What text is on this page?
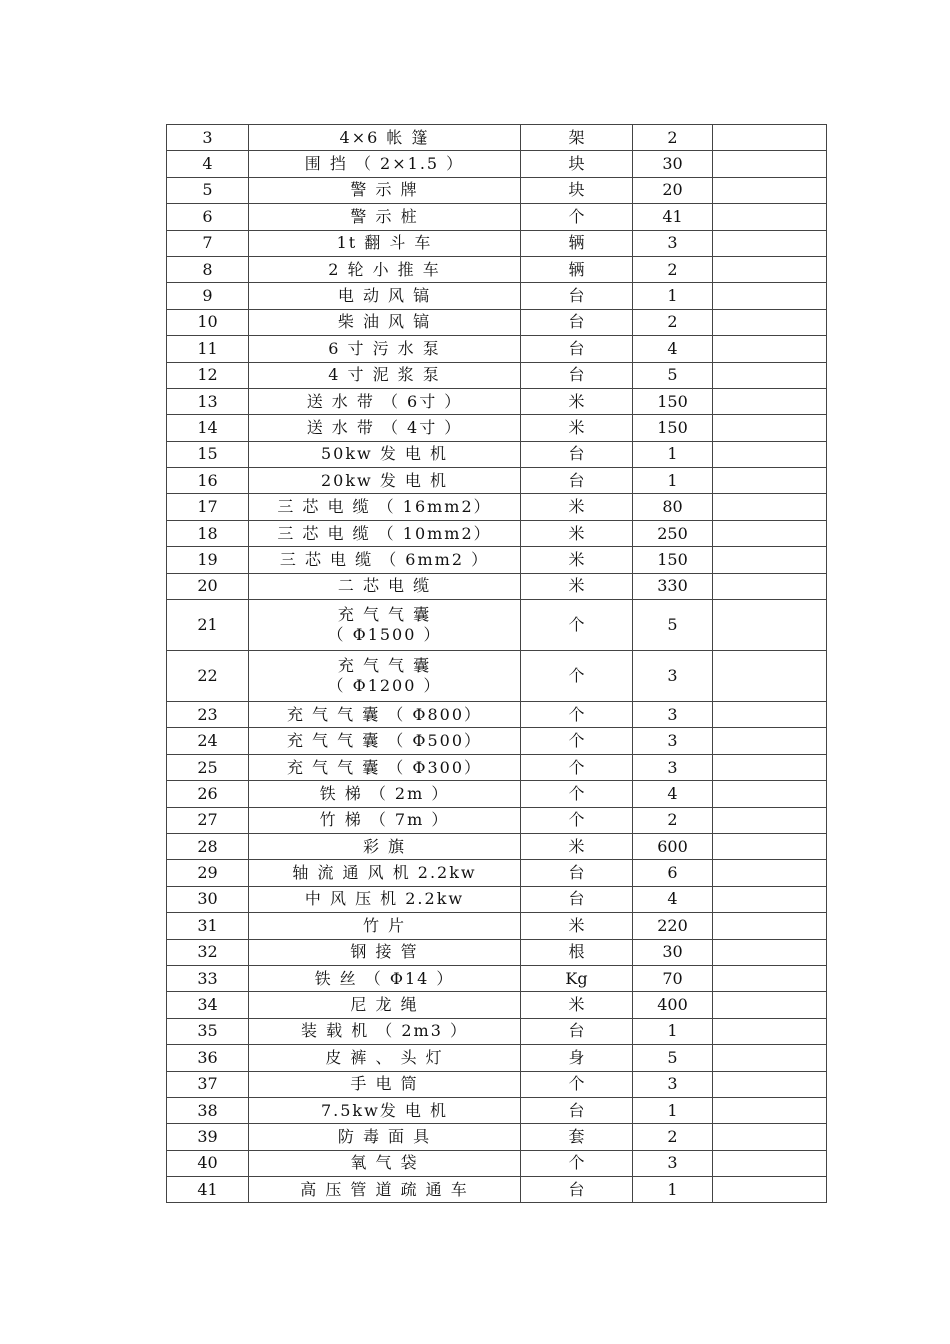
3	4×6 帐 篷	架	2	
4	围 挡 （ 2×1.5 ）	块	30	
5	警 示 牌	块	20	
6	警 示 桩	个	41	
7	1t 翻 斗 车	辆	3	
8	2 轮 小 推 车	辆	2	
9	电 动 风 镐	台	1	
10	柴 油 风 镐	台	2	
11	6 寸 污 水 泵	台	4	
12	4 寸 泥 浆 泵	台	5	
13	送 水 带 （ 6寸 ）	米	150	
14	送 水 带 （ 4寸 ）	米	150	
15	50kw 发 电 机	台	1	
16	20kw 发 电 机	台	1	
17	三 芯 电 缆 （ 16mm2）	米	80	
18	三 芯 电 缆 （ 10mm2）	米	250	
19	三 芯 电 缆 （ 6mm2 ）	米	150	
20	二 芯 电 缆	米	330	
21	充 气 气 囊
（ Φ1500 ）	个	5	
22	充 气 气 囊
（ Φ1200 ）	个	3	
23	充 气 气 囊 （ Φ800）	个	3	
24	充 气 气 囊 （ Φ500）	个	3	
25	充 气 气 囊 （ Φ300）	个	3	
26	铁 梯 （ 2m ）	个	4	
27	竹 梯 （ 7m ）	个	2	
28	彩 旗	米	600	
29	轴 流 通 风 机 2.2kw	台	6	
30	中 风 压 机 2.2kw	台	4	
31	竹 片	米	220	
32	钢 接 管	根	30	
33	铁 丝 （ Φ14 ）	Kg	70	
34	尼 龙 绳	米	400	
35	装 载 机 （ 2m3 ）	台	1	
36	皮 裤 、 头 灯	身	5	
37	手 电 筒	个	3	
38	7.5kw发 电 机	台	1	
39	防 毒 面 具	套	2	
40	氧 气 袋	个	3	
41	高 压 管 道 疏 通 车	台	1	
